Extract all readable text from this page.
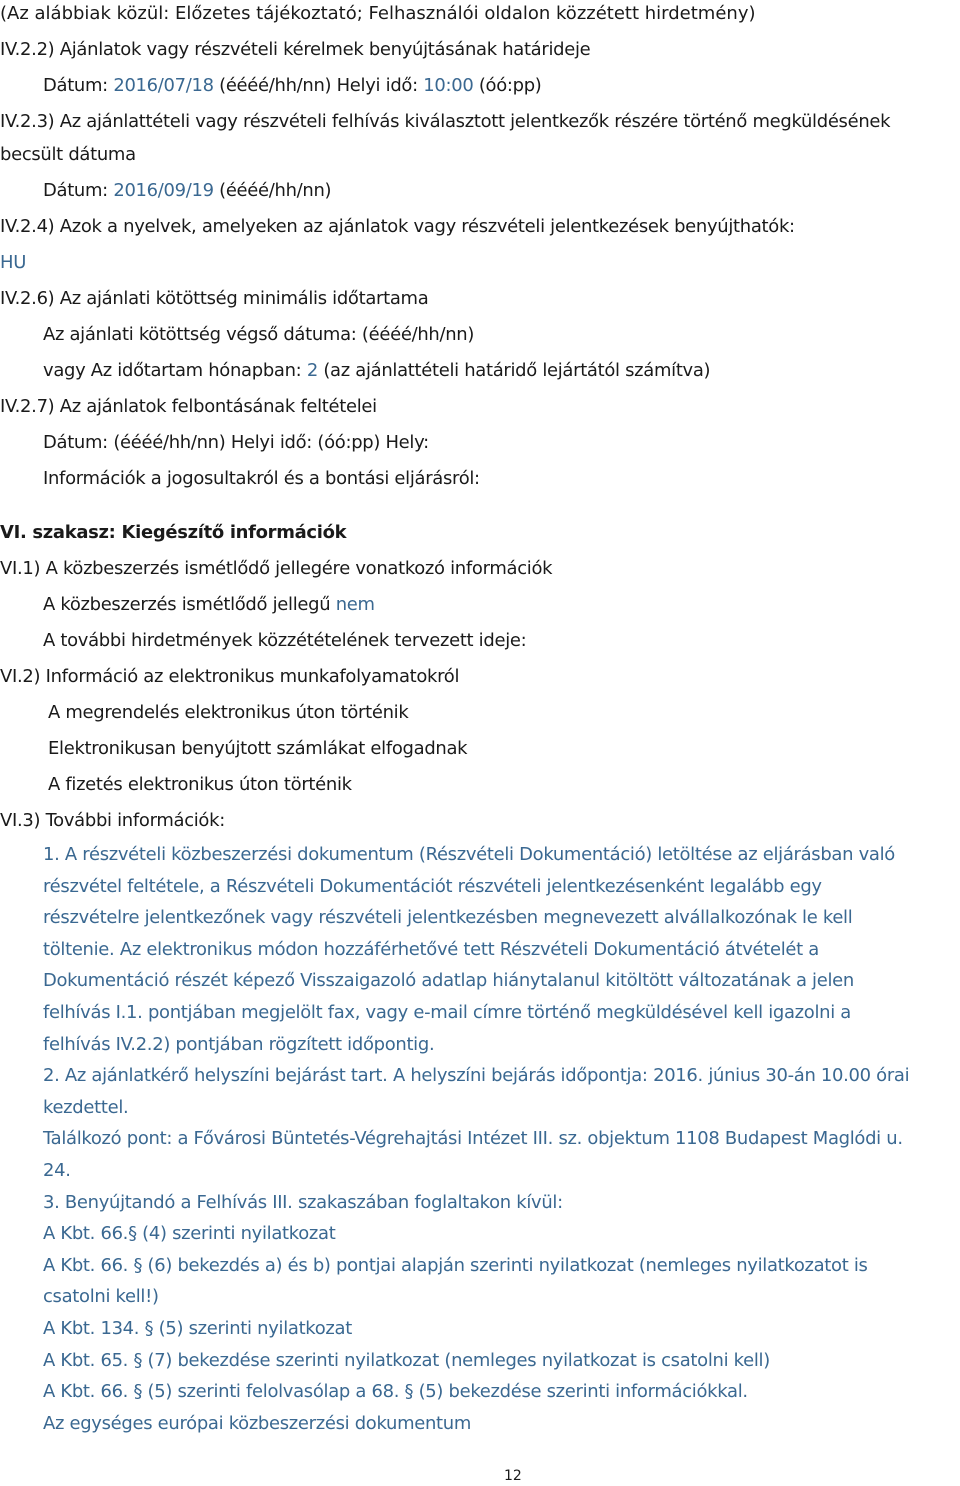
(Az alábbiak közül: Előzetes tájékoztató; Felhasználói oldalon közzétett hirdetmény)
IV.2.2) Ajánlatok vagy részvételi kérelmek benyújtásának határideje
Dátum: 2016/07/18 (éééé/hh/nn) Helyi idő: 10:00 (óó:pp)
IV.2.3) Az ajánlattételi vagy részvételi felhívás kiválasztott jelentkezők részére történő megküldésének
becsült dátuma
Dátum: 2016/09/19 (éééé/hh/nn)
IV.2.4) Azok a nyelvek, amelyeken az ajánlatok vagy részvételi jelentkezések benyújthatók:
HU
IV.2.6) Az ajánlati kötöttség minimális időtartama
Az ajánlati kötöttség végső dátuma: (éééé/hh/nn)
vagy Az időtartam hónapban: 2 (az ajánlattételi határidő lejártától számítva)
IV.2.7) Az ajánlatok felbontásának feltételei
Dátum: (éééé/hh/nn) Helyi idő: (óó:pp) Hely:
Információk a jogosultakról és a bontási eljárásról:
VI. szakasz: Kiegészítő információk
VI.1) A közbeszerzés ismétlődő jellegére vonatkozó információk
A közbeszerzés ismétlődő jellegű nem
A további hirdetmények közzétételének tervezett ideje:
VI.2) Információ az elektronikus munkafolyamatokról
A megrendelés elektronikus úton történik
Elektronikusan benyújtott számlákat elfogadnak
A fizetés elektronikus úton történik
VI.3) További információk:
1. A részvételi közbeszerzési dokumentum (Részvételi Dokumentáció) letöltése az eljárásban való
részvétel feltétele, a Részvételi Dokumentációt részvételi jelentkezésenként legalább egy
részvételre jelentkezőnek vagy részvételi jelentkezésben megnevezett alvállalkozónak le kell
töltenie. Az elektronikus módon hozzáférhetővé tett Részvételi Dokumentáció átvételét a
Dokumentáció részét képező Visszaigazoló adatlap hiánytalanul kitöltött változatának a jelen
felhívás I.1. pontjában megjelölt fax, vagy e-mail címre történő megküldésével kell igazolni a
felhívás IV.2.2) pontjában rögzített időpontig.
2. Az ajánlatkérő helyszíni bejárást tart. A helyszíni bejárás időpontja: 2016. június 30-án 10.00 órai
kezdettel.
Találkozó pont: a Fővárosi Büntetés-Végrehajtási Intézet III. sz. objektum 1108 Budapest Maglódi u.
24.
3. Benyújtandó a Felhívás III. szakaszában foglaltakon kívül:
A Kbt. 66.§ (4) szerinti nyilatkozat
A Kbt. 66. § (6) bekezdés a) és b) pontjai alapján szerinti nyilatkozat (nemleges nyilatkozatot is
csatolni kell!)
A Kbt. 134. § (5) szerinti nyilatkozat
A Kbt. 65. § (7) bekezdése szerinti nyilatkozat (nemleges nyilatkozat is csatolni kell)
A Kbt. 66. § (5) szerinti felolvasólap a 68. § (5) bekezdése szerinti információkkal.
Az egységes európai közbeszerzési dokumentum
12
